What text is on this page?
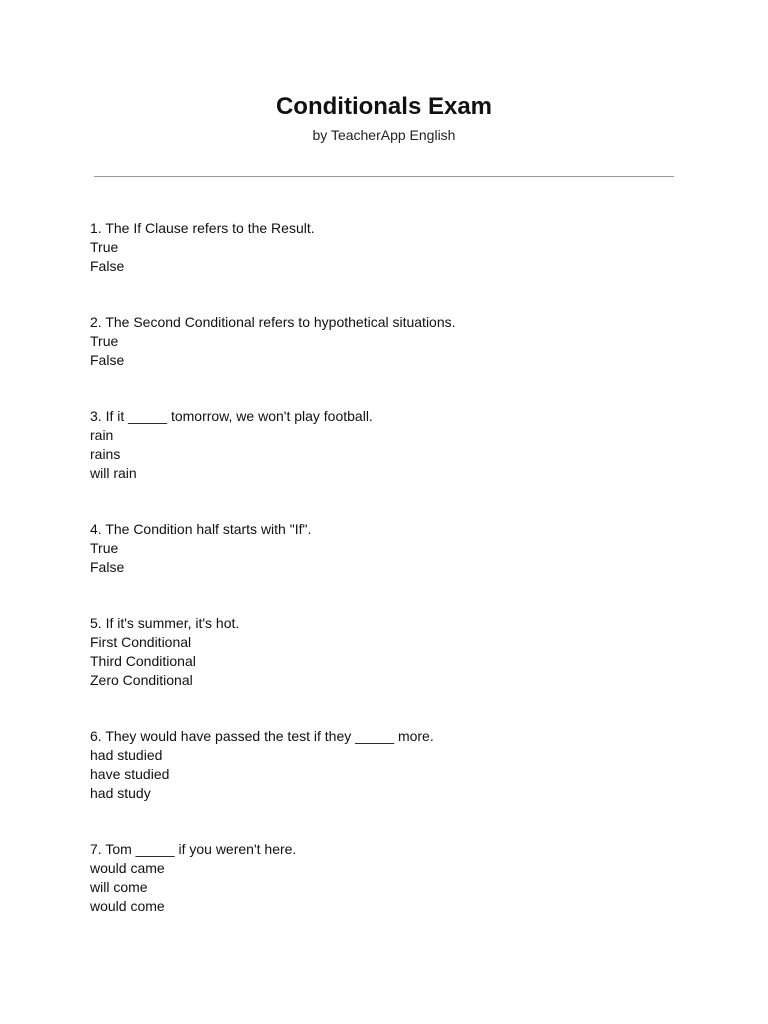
Conditionals Exam

by TeacherApp English

1. The If Clause refers to the Result.
True
False
2. The Second Conditional refers to hypothetical situations.
True
False
3. If it _____ tomorrow, we won't play football.
rain
rains
will rain
4. The Condition half starts with "If".
True
False
5. If it's summer, it's hot.
First Conditional
Third Conditional
Zero Conditional
6. They would have passed the test if they _____ more.
had studied
have studied
had study
7. Tom _____ if you weren't here.
would came
will come
would come
